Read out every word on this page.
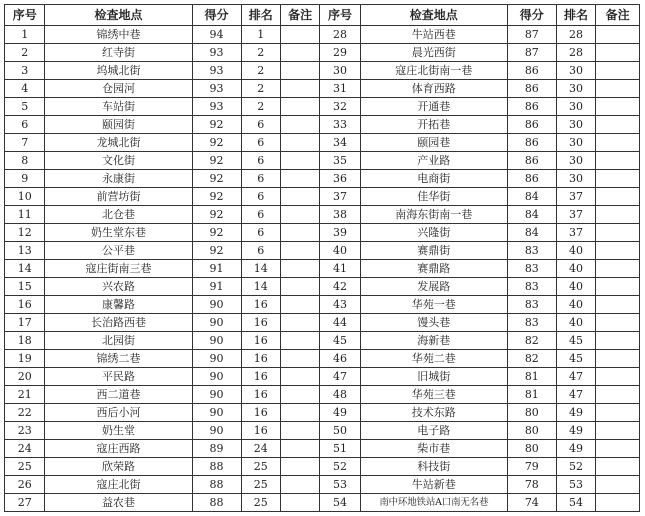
序号	检查地点	得分	排名	备注	序号	检查地点	得分	排名	备注
1	锦绣中巷	94	1		28	牛站西巷	87	28	
2	红寺街	93	2		29	晨光西街	87	28	
3	坞城北街	93	2		30	寇庄北街南一巷	86	30	
4	仓园河	93	2		31	体育西路	86	30	
5	车站街	93	2		32	开通巷	86	30	
6	颐园街	92	6		33	开拓巷	86	30	
7	龙城北街	92	6		34	颐园巷	86	30	
8	文化街	92	6		35	产业路	86	30	
9	永康街	92	6		36	电商街	86	30	
10	前营坊街	92	6		37	佳华街	84	37	
11	北仓巷	92	6		38	南海东街南一巷	84	37	
12	奶生堂东巷	92	6		39	兴隆街	84	37	
13	公平巷	92	6		40	赛鼎街	83	40	
14	寇庄街南三巷	91	14		41	赛鼎路	83	40	
15	兴农路	91	14		42	发展路	83	40	
16	康馨路	90	16		43	华苑一巷	83	40	
17	长治路西巷	90	16		44	馒头巷	83	40	
18	北园街	90	16		45	海新巷	82	45	
19	锦绣二巷	90	16		46	华苑二巷	82	45	
20	平民路	90	16		47	旧城街	81	47	
21	西二道巷	90	16		48	华苑三巷	81	47	
22	西后小河	90	16		49	技术东路	80	49	
23	奶生堂	90	16		50	电子路	80	49	
24	寇庄西路	89	24		51	柴市巷	80	49	
25	欣荣路	88	25		52	科技街	79	52	
26	寇庄北街	88	25		53	牛站新巷	78	53	
27	益农巷	88	25		54	南中环地铁站A口南无名巷	74	54	
